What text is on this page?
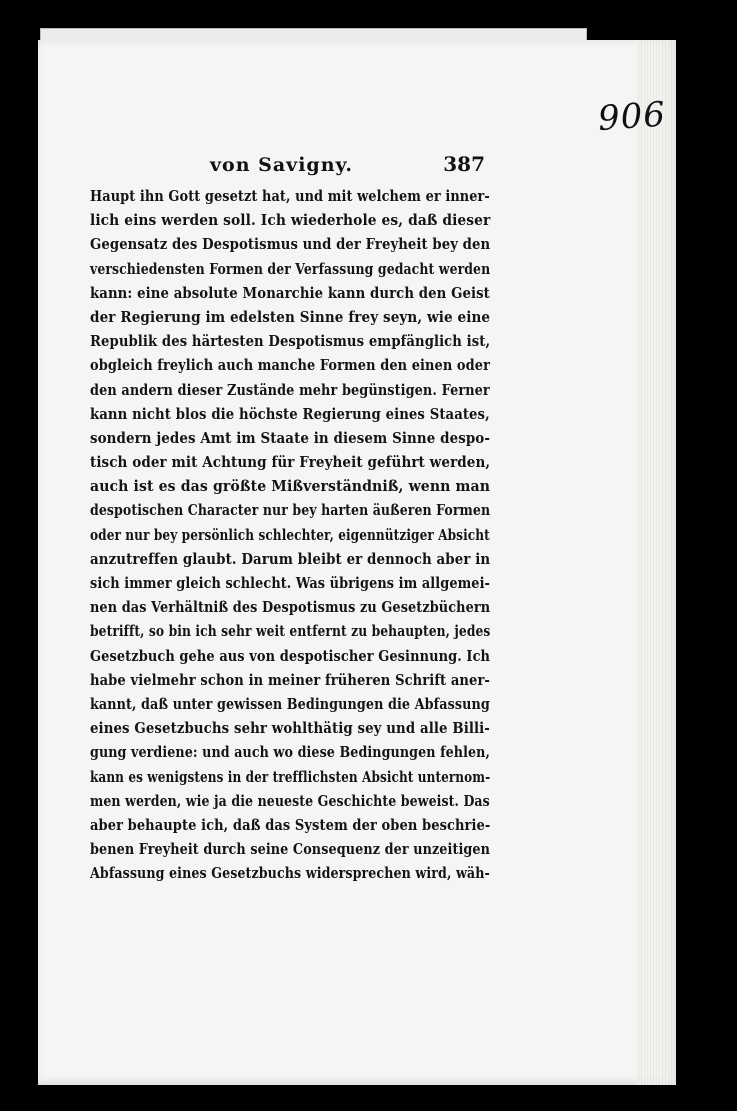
906
von Savigny.	387
Haupt ihn Gott gesetzt hat, und mit welchem er inner-
lich eins werden soll. Ich wiederhole es, daß dieser
Gegensatz des Despotismus und der Freyheit bey den
verschiedensten Formen der Verfassung gedacht werden
kann: eine absolute Monarchie kann durch den Geist
der Regierung im edelsten Sinne frey seyn, wie eine
Republik des härtesten Despotismus empfänglich ist,
obgleich freylich auch manche Formen den einen oder
den andern dieser Zustände mehr begünstigen. Ferner
kann nicht blos die höchste Regierung eines Staates,
sondern jedes Amt im Staate in diesem Sinne despo-
tisch oder mit Achtung für Freyheit geführt werden,
auch ist es das größte Mißverständniß, wenn man
despotischen Character nur bey harten äußeren Formen
oder nur bey persönlich schlechter, eigennütziger Absicht
anzutreffen glaubt. Darum bleibt er dennoch aber in
sich immer gleich schlecht. Was übrigens im allgemei-
nen das Verhältniß des Despotismus zu Gesetzbüchern
betrifft, so bin ich sehr weit entfernt zu behaupten, jedes
Gesetzbuch gehe aus von despotischer Gesinnung. Ich
habe vielmehr schon in meiner früheren Schrift aner-
kannt, daß unter gewissen Bedingungen die Abfassung
eines Gesetzbuchs sehr wohlthätig sey und alle Billi-
gung verdiene: und auch wo diese Bedingungen fehlen,
kann es wenigstens in der trefflichsten Absicht unternom-
men werden, wie ja die neueste Geschichte beweist. Das
aber behaupte ich, daß das System der oben beschrie-
benen Freyheit durch seine Consequenz der unzeitigen
Abfassung eines Gesetzbuchs widersprechen wird, wäh-
